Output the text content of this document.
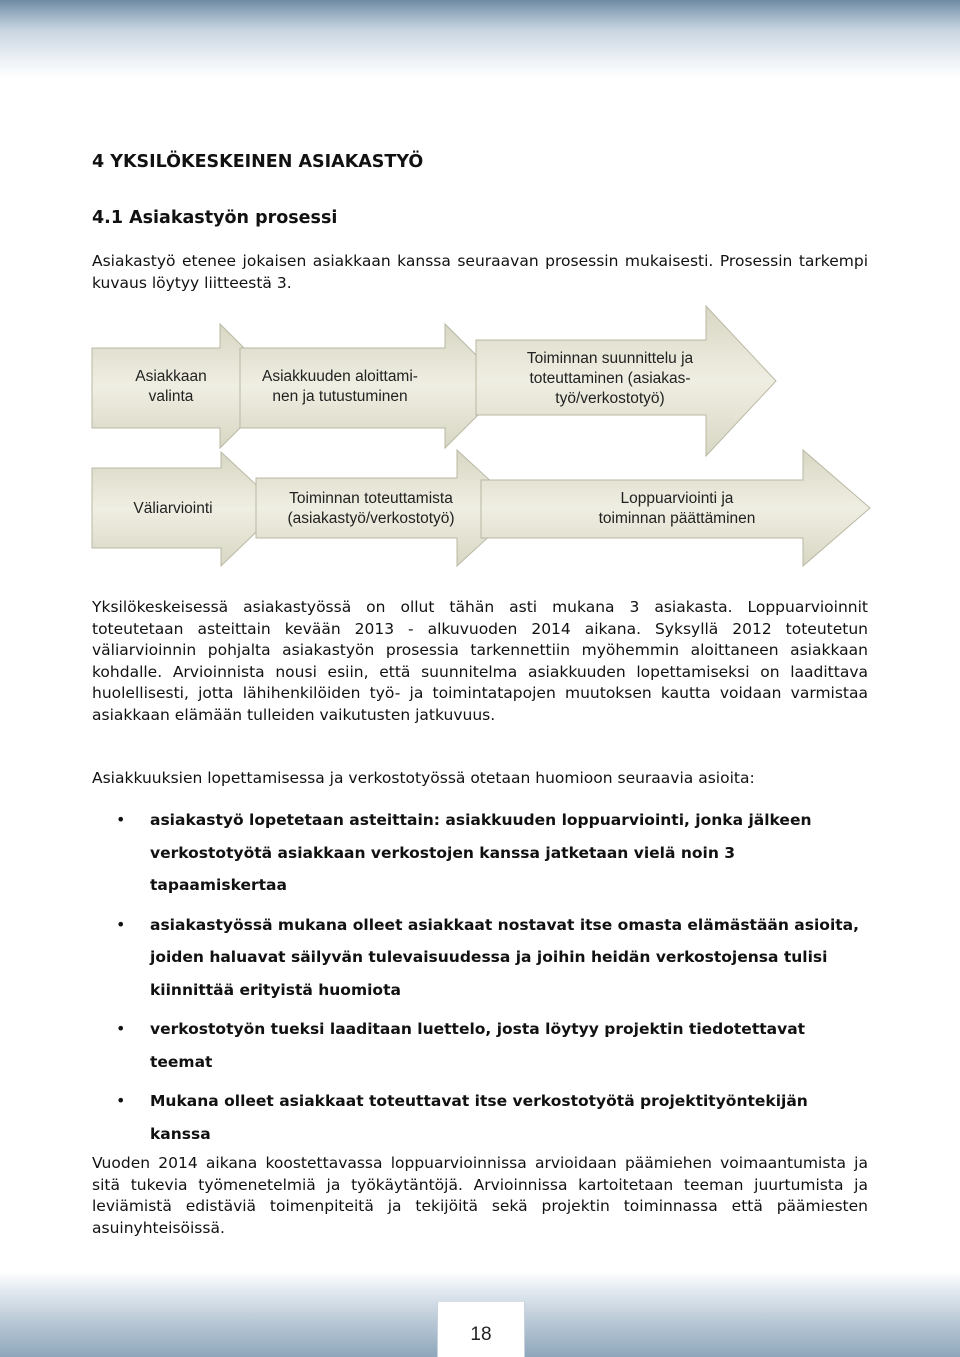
4 YKSILÖKESKEINEN ASIAKASTYÖ
4.1 Asiakastyön prosessi

Asiakastyö etenee jokaisen asiakkaan kanssa seuraavan prosessin mukaisesti. Prosessin tarkempi kuvaus löytyy liitteestä 3.

Asiakkaan
valinta
Asiakkuuden aloittami-
nen ja tutustuminen
Toiminnan suunnittelu ja
toteuttaminen (asiakas-
työ/verkostotyö)
Väliarviointi
Toiminnan toteuttamista
(asiakastyö/verkostotyö)
Loppuarviointi ja
toiminnan päättäminen

Yksilökeskeisessä asiakastyössä on ollut tähän asti mukana 3 asiakasta. Loppuarvioinnit toteutetaan asteittain kevään 2013 - alkuvuoden 2014 aikana. Syksyllä 2012 toteutetun väliarvioinnin pohjalta asiakastyön prosessia tarkennettiin myöhemmin aloittaneen asiakkaan kohdalle. Arvioinnista nousi esiin, että suunnitelma asiakkuuden lopettamiseksi on laadittava huolellisesti, jotta lähihenkilöiden työ- ja toimintatapojen muutoksen kautta voidaan varmistaa asiakkaan elämään tulleiden vaikutusten jatkuvuus.

Asiakkuuksien lopettamisessa ja verkostotyössä otetaan huomioon seuraavia asioita:

• asiakastyö lopetetaan asteittain: asiakkuuden loppuarviointi, jonka jälkeen verkostotyötä asiakkaan verkostojen kanssa jatketaan vielä noin 3 tapaamiskertaa
• asiakastyössä mukana olleet asiakkaat nostavat itse omasta elämästään asioita, joiden haluavat säilyvän tulevaisuudessa ja joihin heidän verkostojensa tulisi kiinnittää erityistä huomiota
• verkostotyön tueksi laaditaan luettelo, josta löytyy projektin tiedotettavat teemat
• Mukana olleet asiakkaat toteuttavat itse verkostotyötä projektityöntekijän kanssa

Vuoden 2014 aikana koostettavassa loppuarvioinnissa arvioidaan päämiehen voimaantumista ja sitä tukevia työmenetelmiä ja työkäytäntöjä. Arvioinnissa kartoitetaan teeman juurtumista ja leviämistä edistäviä toimenpiteitä ja tekijöitä sekä projektin toiminnassa että päämiesten asuinyhteisöissä.

18
